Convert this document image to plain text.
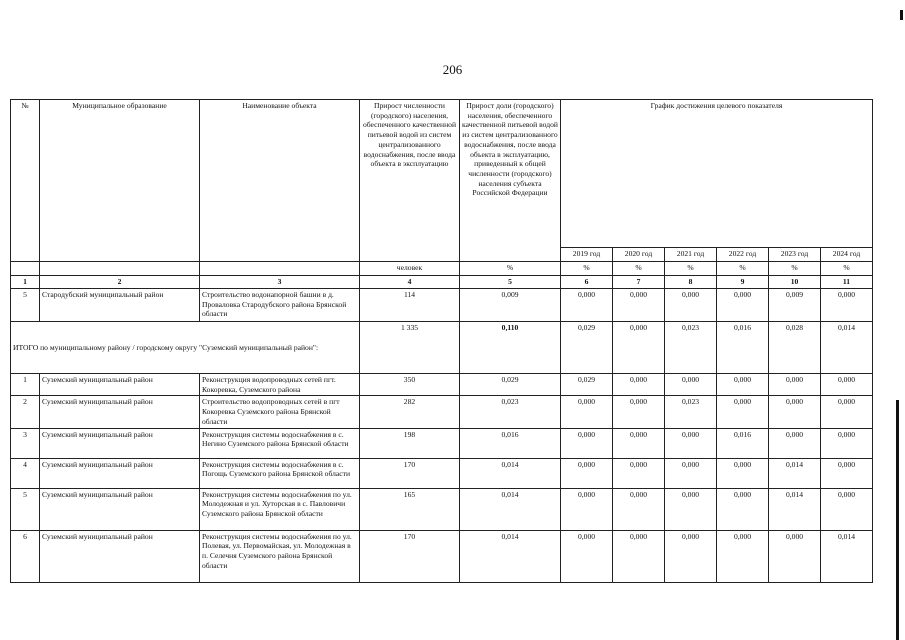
206
№	Муниципальное образование	Наименование объекта	Прирост численности (городского) населения, обеспеченного качественной питьевой водой из систем централизованного водоснабжения, после ввода объекта в эксплуатацию	Прирост доли (городского) населения, обеспеченного качественной питьевой водой из систем централизованного водоснабжения, после ввода объекта в эксплуатацию, приведенный к общей численности (городского) населения субъекта Российской Федерации	График достижения целевого показателя					
					2019 год	2020 год	2021 год	2022 год	2023 год	2024 год
			человек	%	%	%	%	%	%	%
1	2	3	4	5	6	7	8	9	10	11
5	Стародубский муниципальный район	Строительство водонапорной башни в д. Проваловка Стародубского района Брянской области	114	0,009	0,000	0,000	0,000	0,000	0,009	0,000
ИТОГО по муниципальному району / городскому округу "Суземский муниципальный район":			1 335	0,110	0,029	0,000	0,023	0,016	0,028	0,014
1	Суземский муниципальный район	Реконструкция водопроводных сетей пгт. Кокоревка, Суземского района	350	0,029	0,029	0,000	0,000	0,000	0,000	0,000
2	Суземский муниципальный район	Строительство водопроводных сетей в пгт Кокоревка Суземского района Брянской области	282	0,023	0,000	0,000	0,023	0,000	0,000	0,000
3	Суземский муниципальный район	Реконструкция системы водоснабжения в с. Негино Суземского района Брянской области	198	0,016	0,000	0,000	0,000	0,016	0,000	0,000
4	Суземский муниципальный район	Реконструкция системы водоснабжения в с. Погощь Суземского района Брянской области	170	0,014	0,000	0,000	0,000	0,000	0,014	0,000
5	Суземский муниципальный район	Реконструкция системы водоснабжения по ул. Молодежная и ул. Хуторская в с. Павловичи Суземского района Брянской области	165	0,014	0,000	0,000	0,000	0,000	0,014	0,000
6	Суземский муниципальный район	Реконструкция системы водоснабжения по ул. Полевая, ул. Первомайская, ул. Молодежная в п. Селечня Суземского района Брянской области	170	0,014	0,000	0,000	0,000	0,000	0,000	0,014
